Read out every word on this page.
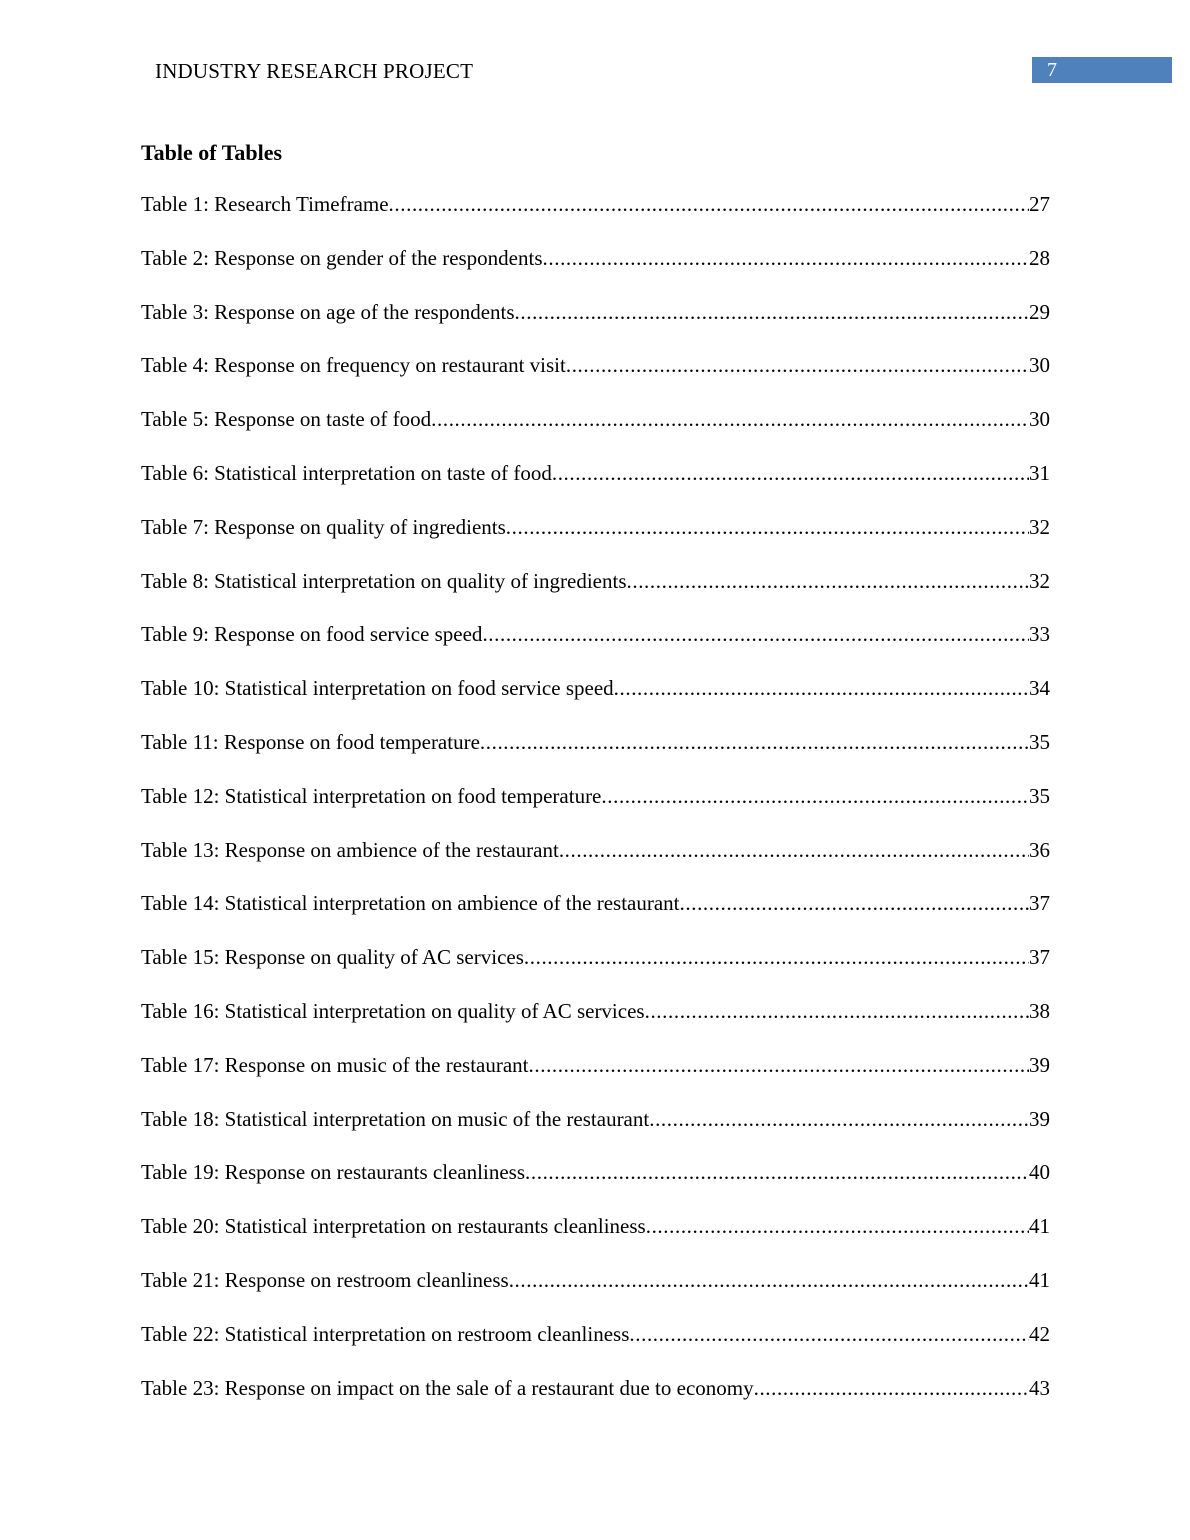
INDUSTRY RESEARCH PROJECT	7
Table of Tables
Table 1: Research Timeframe .....	27
Table 2: Response on gender of the respondents .....	28
Table 3: Response on age of the respondents .....	29
Table 4: Response on frequency on restaurant visit .....	30
Table 5: Response on taste of food .....	30
Table 6: Statistical interpretation on taste of food .....	31
Table 7: Response on quality of ingredients .....	32
Table 8: Statistical interpretation on quality of ingredients .....	32
Table 9: Response on food service speed .....	33
Table 10: Statistical interpretation on food service speed .....	34
Table 11: Response on food temperature .....	35
Table 12: Statistical interpretation on food temperature .....	35
Table 13: Response on ambience of the restaurant .....	36
Table 14: Statistical interpretation on ambience of the restaurant .....	37
Table 15: Response on quality of AC services .....	37
Table 16: Statistical interpretation on quality of AC services .....	38
Table 17: Response on music of the restaurant .....	39
Table 18: Statistical interpretation on music of the restaurant .....	39
Table 19: Response on restaurants cleanliness .....	40
Table 20: Statistical interpretation on restaurants cleanliness .....	41
Table 21: Response on restroom cleanliness .....	41
Table 22: Statistical interpretation on restroom cleanliness .....	42
Table 23: Response on impact on the sale of a restaurant due to economy .....	43
